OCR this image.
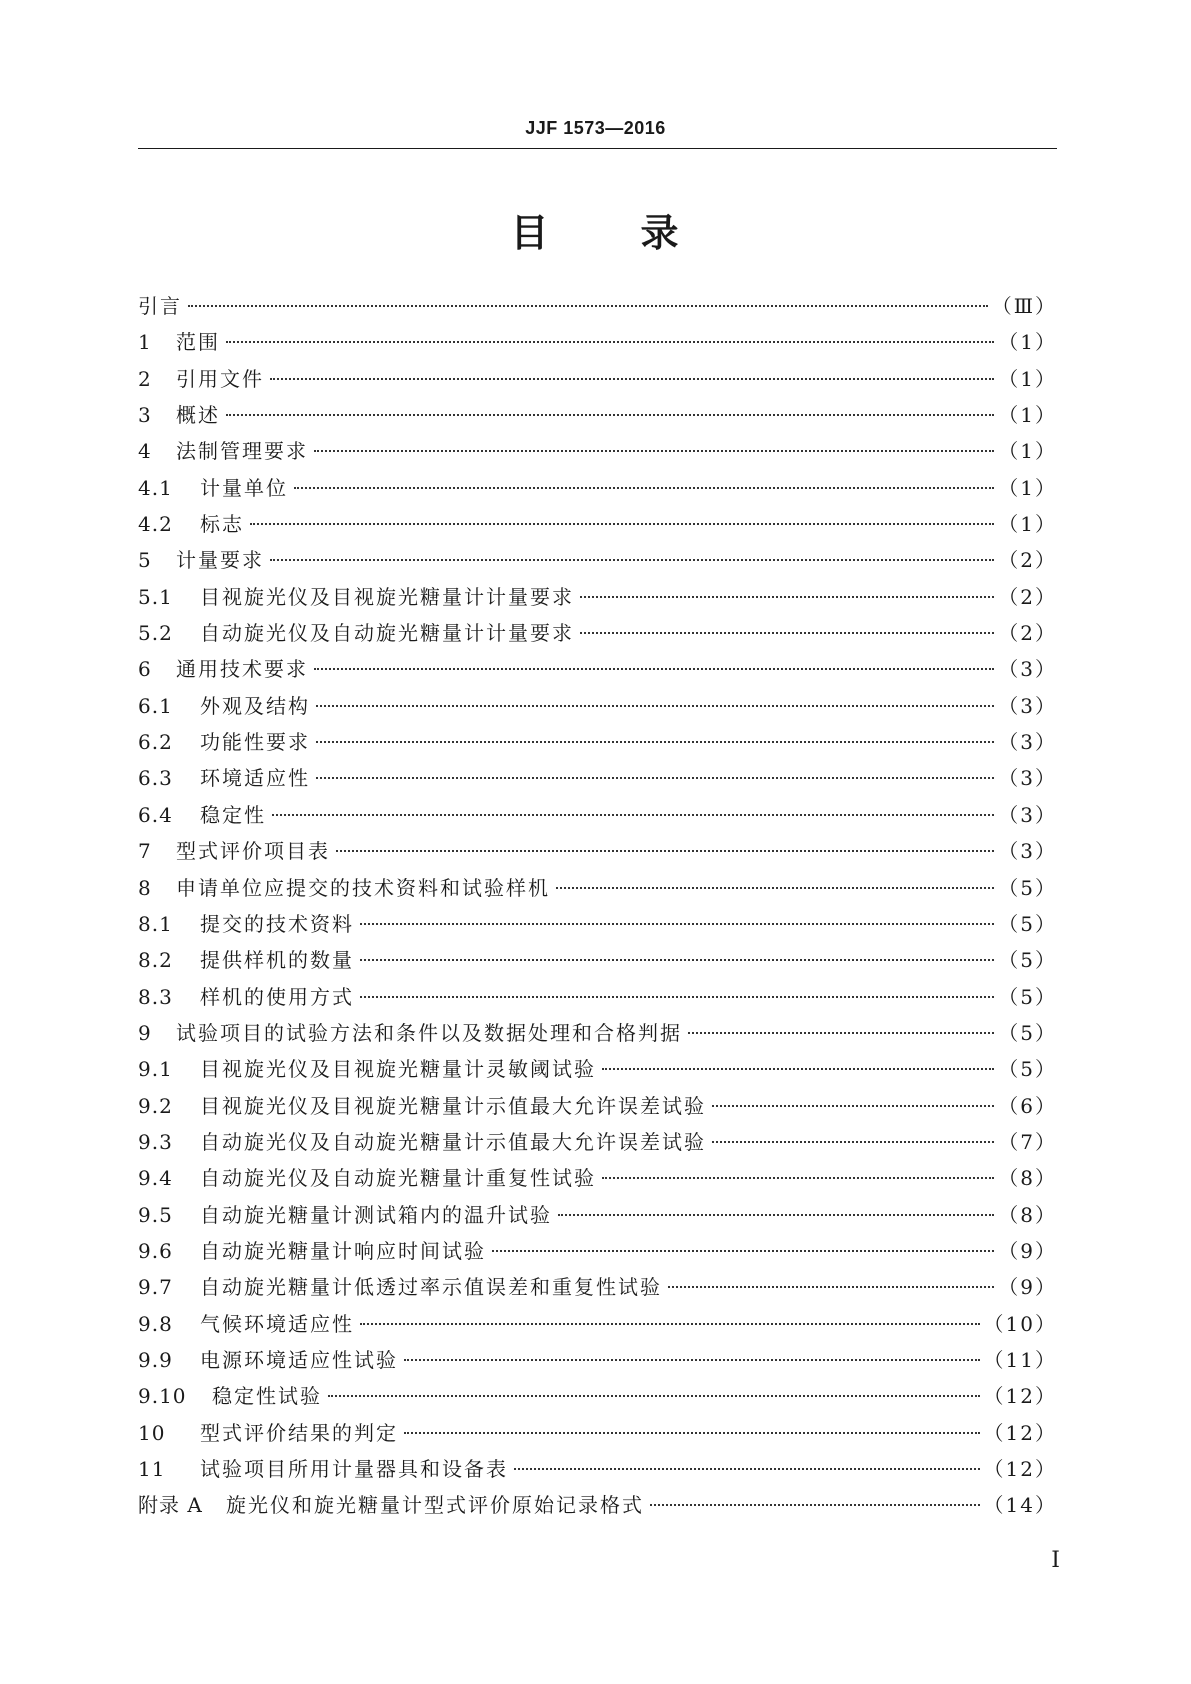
JJF 1573—2016
目 录
引言	（Ⅲ）
1	范围	（1）
2	引用文件	（1）
3	概述	（1）
4	法制管理要求	（1）
4.1	计量单位	（1）
4.2	标志	（1）
5	计量要求	（2）
5.1	目视旋光仪及目视旋光糖量计计量要求	（2）
5.2	自动旋光仪及自动旋光糖量计计量要求	（2）
6	通用技术要求	（3）
6.1	外观及结构	（3）
6.2	功能性要求	（3）
6.3	环境适应性	（3）
6.4	稳定性	（3）
7	型式评价项目表	（3）
8	申请单位应提交的技术资料和试验样机	（5）
8.1	提交的技术资料	（5）
8.2	提供样机的数量	（5）
8.3	样机的使用方式	（5）
9	试验项目的试验方法和条件以及数据处理和合格判据	（5）
9.1	目视旋光仪及目视旋光糖量计灵敏阈试验	（5）
9.2	目视旋光仪及目视旋光糖量计示值最大允许误差试验	（6）
9.3	自动旋光仪及自动旋光糖量计示值最大允许误差试验	（7）
9.4	自动旋光仪及自动旋光糖量计重复性试验	（8）
9.5	自动旋光糖量计测试箱内的温升试验	（8）
9.6	自动旋光糖量计响应时间试验	（9）
9.7	自动旋光糖量计低透过率示值误差和重复性试验	（9）
9.8	气候环境适应性	（10）
9.9	电源环境适应性试验	（11）
9.10	稳定性试验	（12）
10	型式评价结果的判定	（12）
11	试验项目所用计量器具和设备表	（12）
附录 A	旋光仪和旋光糖量计型式评价原始记录格式	（14）
Ⅰ
